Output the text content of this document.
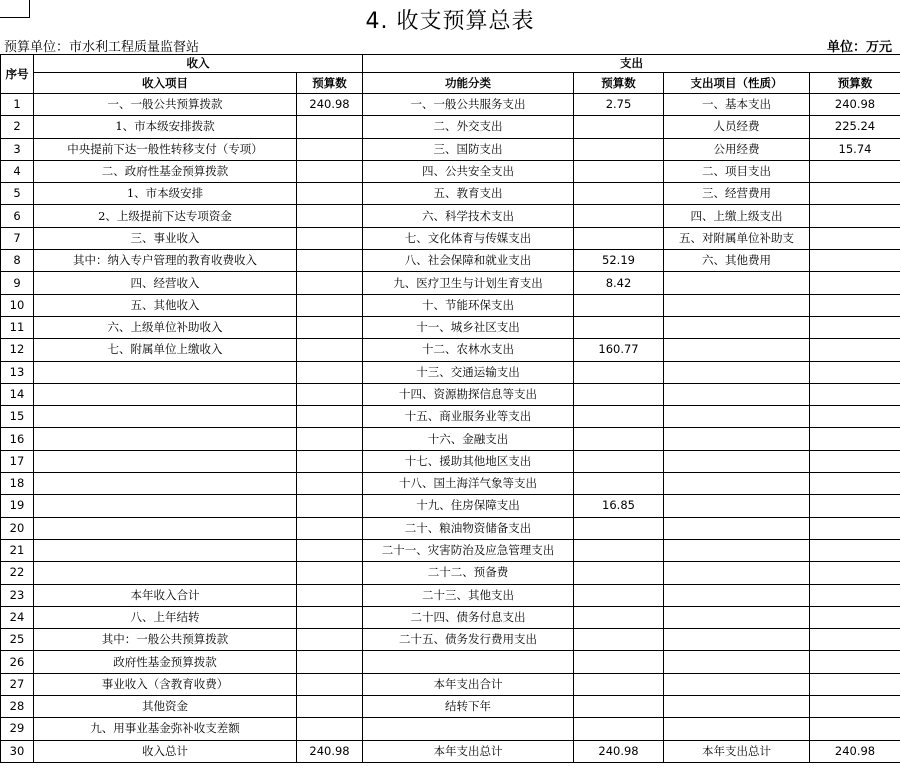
4. 收支预算总表
预算单位：市水利工程质量监督站	单位：万元
序号	收入		支出			
	收入项目	预算数	功能分类	预算数	支出项目（性质）	预算数
1	一、一般公共预算拨款	240.98	一、一般公共服务支出	2.75	一、基本支出	240.98
2	1、市本级安排拨款		二、外交支出		人员经费	225.24
3	中央提前下达一般性转移支付（专项）		三、国防支出		公用经费	15.74
4	二、政府性基金预算拨款		四、公共安全支出		二、项目支出	
5	1、市本级安排		五、教育支出		三、经营费用	
6	2、上级提前下达专项资金		六、科学技术支出		四、上缴上级支出	
7	三、事业收入		七、文化体育与传媒支出		五、对附属单位补助支	
8	其中：纳入专户管理的教育收费收入		八、社会保障和就业支出	52.19	六、其他费用	
9	四、经营收入		九、医疗卫生与计划生育支出	8.42		
10	五、其他收入		十、节能环保支出			
11	六、上级单位补助收入		十一、城乡社区支出			
12	七、附属单位上缴收入		十二、农林水支出	160.77		
13			十三、交通运输支出			
14			十四、资源勘探信息等支出			
15			十五、商业服务业等支出			
16			十六、金融支出			
17			十七、援助其他地区支出			
18			十八、国土海洋气象等支出			
19			十九、住房保障支出	16.85		
20			二十、粮油物资储备支出			
21			二十一、灾害防治及应急管理支出			
22			二十二、预备费			
23	本年收入合计		二十三、其他支出			
24	八、上年结转		二十四、债务付息支出			
25	其中：一般公共预算拨款		二十五、债务发行费用支出			
26	政府性基金预算拨款					
27	事业收入（含教育收费）		本年支出合计			
28	其他资金		结转下年			
29	九、用事业基金弥补收支差额					
30	收入总计	240.98	本年支出总计	240.98	本年支出总计	240.98
